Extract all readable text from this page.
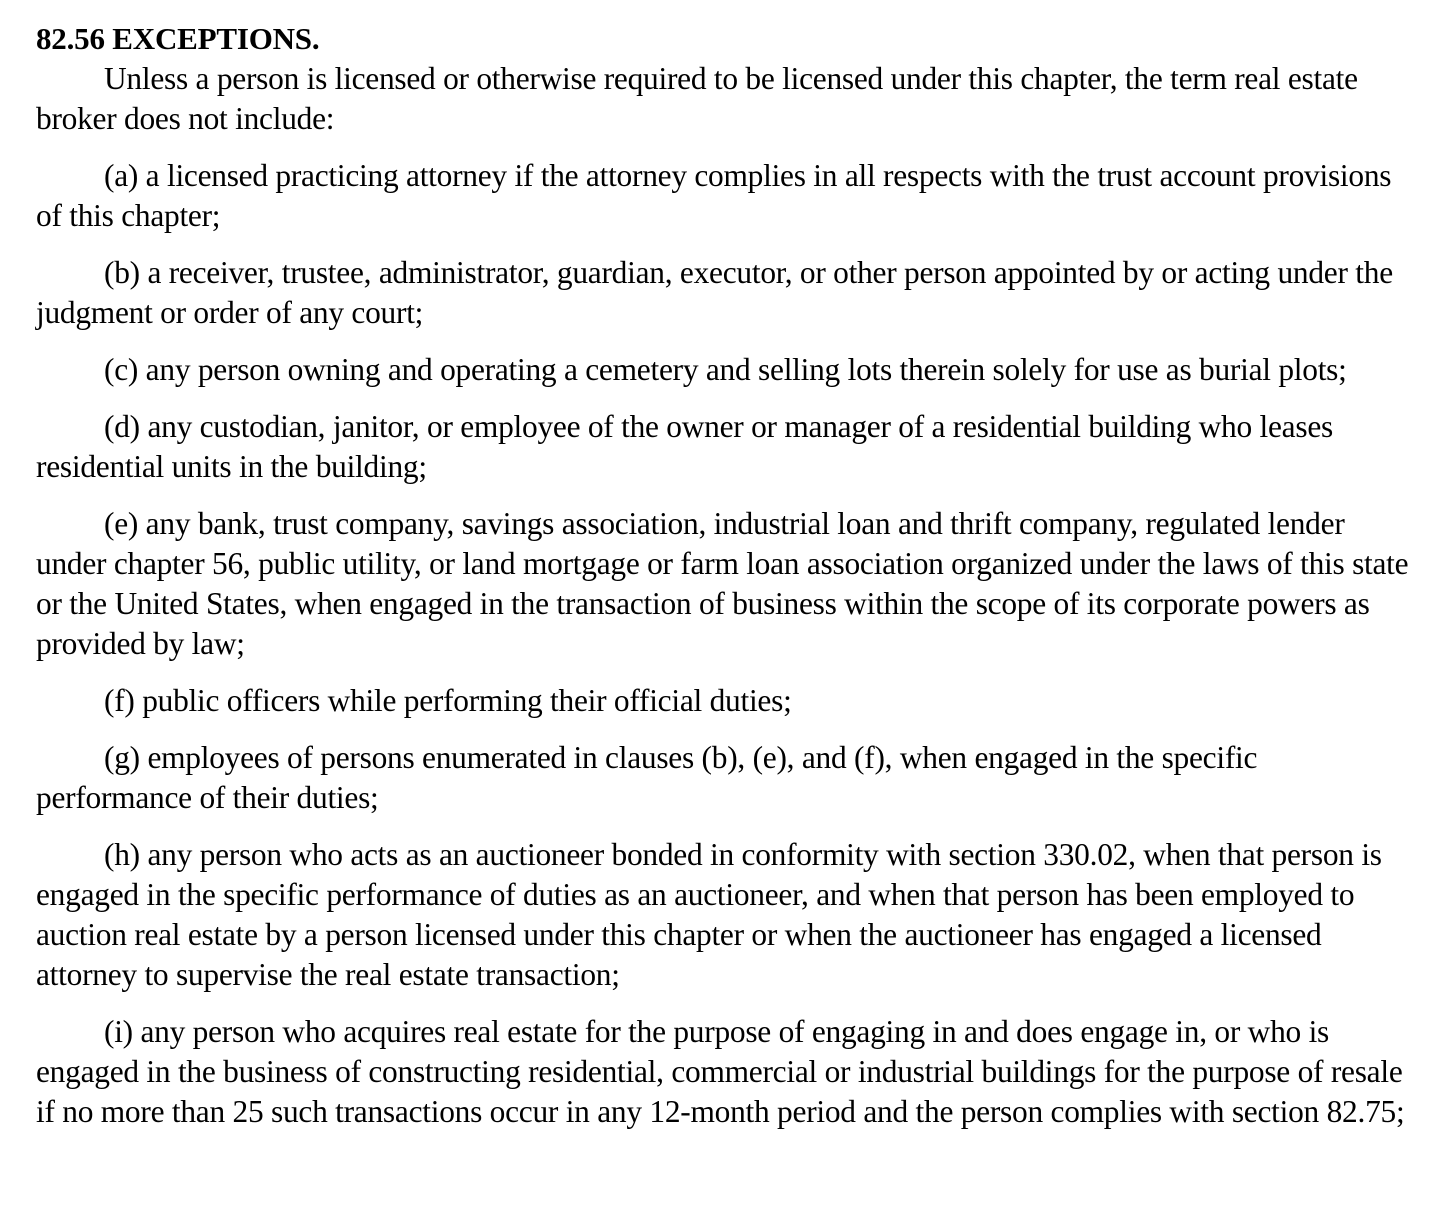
82.56 EXCEPTIONS.

Unless a person is licensed or otherwise required to be licensed under this chapter, the term real estate broker does not include:

(a) a licensed practicing attorney if the attorney complies in all respects with the trust account provisions of this chapter;

(b) a receiver, trustee, administrator, guardian, executor, or other person appointed by or acting under the judgment or order of any court;

(c) any person owning and operating a cemetery and selling lots therein solely for use as burial plots;

(d) any custodian, janitor, or employee of the owner or manager of a residential building who leases residential units in the building;

(e) any bank, trust company, savings association, industrial loan and thrift company, regulated lender under chapter 56, public utility, or land mortgage or farm loan association organized under the laws of this state or the United States, when engaged in the transaction of business within the scope of its corporate powers as provided by law;

(f) public officers while performing their official duties;

(g) employees of persons enumerated in clauses (b), (e), and (f), when engaged in the specific performance of their duties;

(h) any person who acts as an auctioneer bonded in conformity with section 330.02, when that person is engaged in the specific performance of duties as an auctioneer, and when that person has been employed to auction real estate by a person licensed under this chapter or when the auctioneer has engaged a licensed attorney to supervise the real estate transaction;

(i) any person who acquires real estate for the purpose of engaging in and does engage in, or who is engaged in the business of constructing residential, commercial or industrial buildings for the purpose of resale if no more than 25 such transactions occur in any 12-month period and the person complies with section 82.75;
